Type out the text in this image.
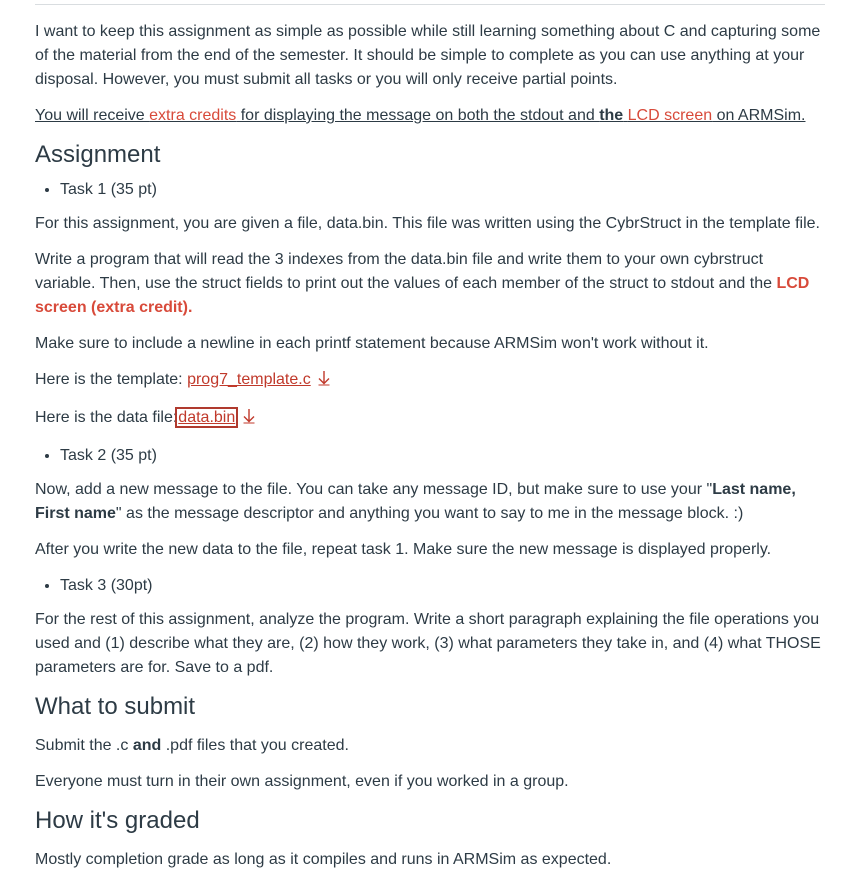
I want to keep this assignment as simple as possible while still learning something about C and capturing some of the material from the end of the semester. It should be simple to complete as you can use anything at your disposal. However, you must submit all tasks or you will only receive partial points.

You will receive extra credits for displaying the message on both the stdout and the LCD screen on ARMSim.

Assignment
• Task 1 (35 pt)

For this assignment, you are given a file, data.bin. This file was written using the CybrStruct in the template file.

Write a program that will read the 3 indexes from the data.bin file and write them to your own cybrstruct variable. Then, use the struct fields to print out the values of each member of the struct to stdout and the LCD screen (extra credit).

Make sure to include a newline in each printf statement because ARMSim won't work without it.

Here is the template: prog7_template.c

Here is the data file:data.bin

• Task 2 (35 pt)

Now, add a new message to the file. You can take any message ID, but make sure to use your "Last name, First name" as the message descriptor and anything you want to say to me in the message block. :)

After you write the new data to the file, repeat task 1. Make sure the new message is displayed properly.

• Task 3 (30pt)

For the rest of this assignment, analyze the program. Write a short paragraph explaining the file operations you used and (1) describe what they are, (2) how they work, (3) what parameters they take in, and (4) what THOSE parameters are for. Save to a pdf.

What to submit

Submit the .c and .pdf files that you created.

Everyone must turn in their own assignment, even if you worked in a group.

How it's graded

Mostly completion grade as long as it compiles and runs in ARMSim as expected.
